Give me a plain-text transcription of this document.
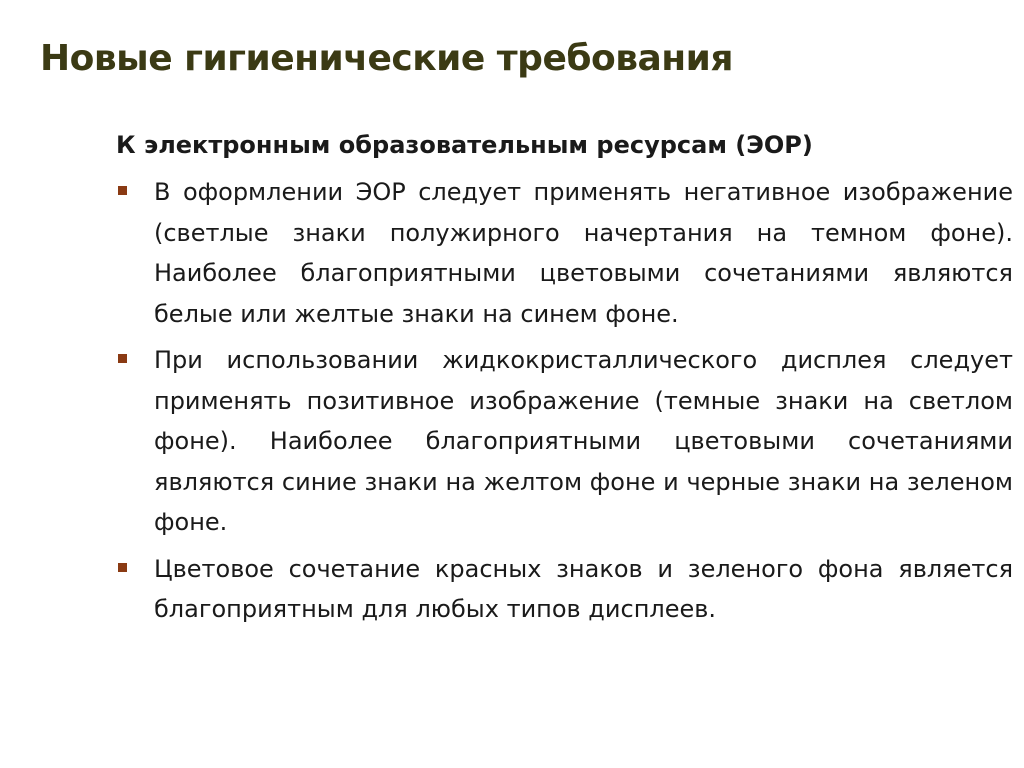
Новые гигиенические требования

К электронным образовательным ресурсам (ЭОР)

В оформлении ЭОР следует применять негативное изображение (светлые знаки полужирного начертания на темном фоне). Наиболее благоприятными цветовыми сочетаниями являются белые или желтые знаки на синем фоне.
При использовании жидкокристаллического дисплея следует применять позитивное изображение (темные знаки на светлом фоне). Наиболее благоприятными цветовыми сочетаниями являются синие знаки на желтом фоне и черные знаки на зеленом фоне.
Цветовое сочетание красных знаков и зеленого фона является благоприятным для любых типов дисплеев.
